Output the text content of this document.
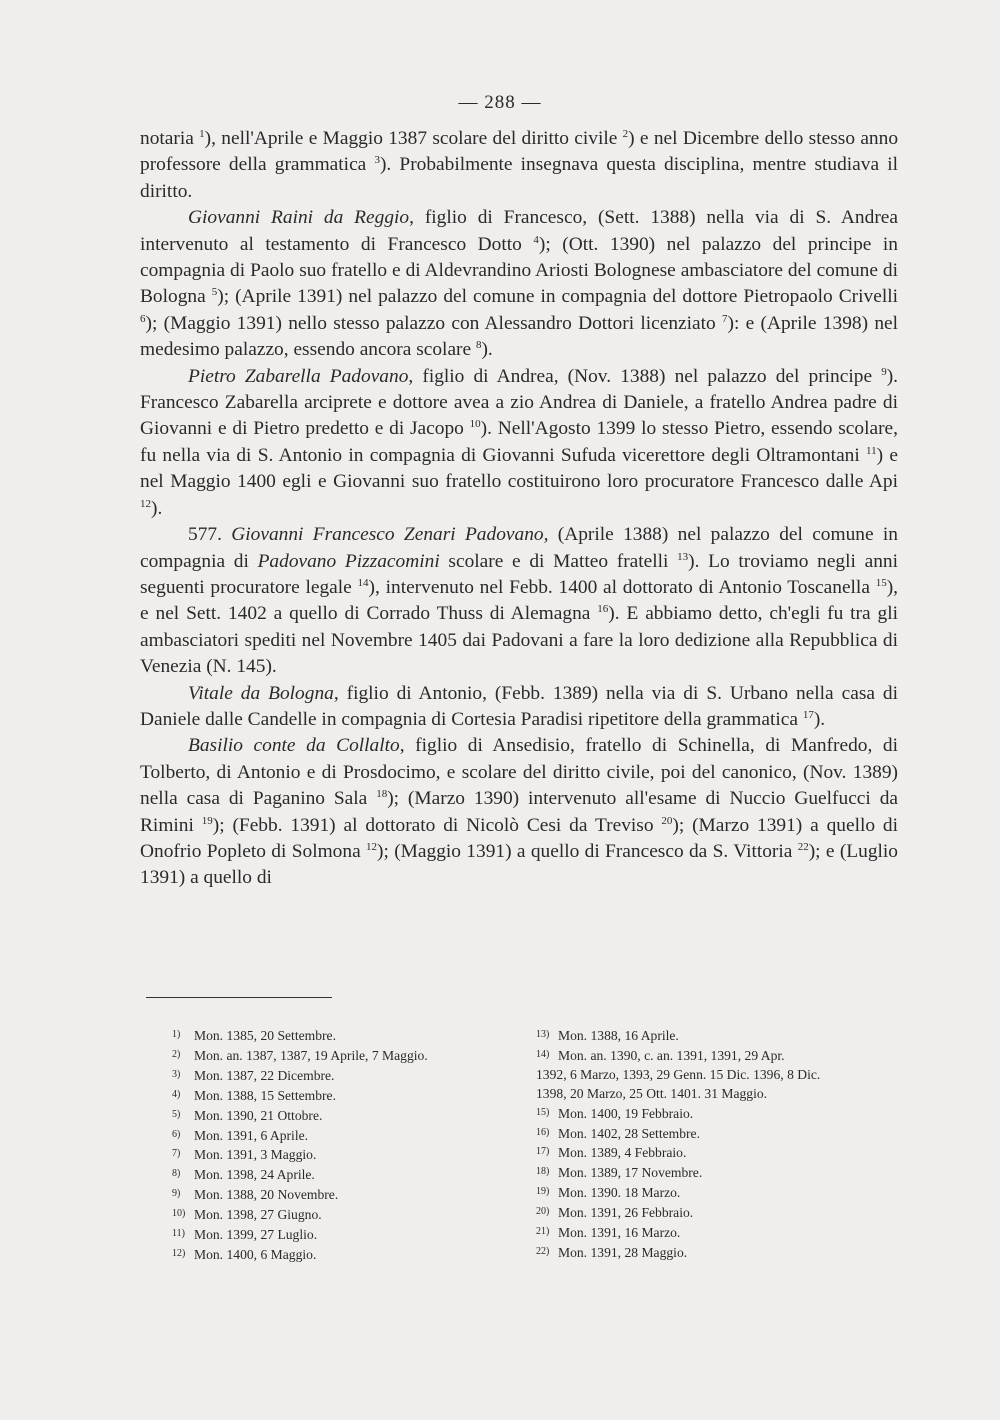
— 288 —

notaria $^1$), nell'Aprile e Maggio 1387 scolare del diritto civile $^2$) e nel Dicembre dello stesso anno professore della grammatica $^3$). Probabilmente insegnava questa disciplina, mentre studiava il diritto.

Giovanni Raini da Reggio, figlio di Francesco, (Sett. 1388) nella via di S. Andrea intervenuto al testamento di Francesco Dotto $^4$); (Ott. 1390) nel palazzo del principe in compagnia di Paolo suo fratello e di Aldevrandino Ariosti Bolognese ambasciatore del comune di Bologna $^5$); (Aprile 1391) nel palazzo del comune in compagnia del dottore Pietropaolo Crivelli $^6$); (Maggio 1391) nello stesso palazzo con Alessandro Dottori licenziato $^7$): e (Aprile 1398) nel medesimo palazzo, essendo ancora scolare $^8$).

Pietro Zabarella Padovano, figlio di Andrea, (Nov. 1388) nel palazzo del principe $^9$). Francesco Zabarella arciprete e dottore avea a zio Andrea di Daniele, a fratello Andrea padre di Giovanni e di Pietro predetto e di Jacopo $^{10}$). Nell'Agosto 1399 lo stesso Pietro, essendo scolare, fu nella via di S. Antonio in compagnia di Giovanni Sufuda vicerettore degli Oltramontani $^{11}$) e nel Maggio 1400 egli e Giovanni suo fratello costituirono loro procuratore Francesco dalle Api $^{12}$).

577. Giovanni Francesco Zenari Padovano, (Aprile 1388) nel palazzo del comune in compagnia di Padovano Pizzacomini scolare e di Matteo fratelli $^{13}$). Lo troviamo negli anni seguenti procuratore legale $^{14}$), intervenuto nel Febb. 1400 al dottorato di Antonio Toscanella $^{15}$), e nel Sett. 1402 a quello di Corrado Thuss di Alemagna $^{16}$). E abbiamo detto, ch'egli fu tra gli ambasciatori spediti nel Novembre 1405 dai Padovani a fare la loro dedizione alla Repubblica di Venezia (N. 145).

Vitale da Bologna, figlio di Antonio, (Febb. 1389) nella via di S. Urbano nella casa di Daniele dalle Candelle in compagnia di Cortesia Paradisi ripetitore della grammatica $^{17}$).

Basilio conte da Collalto, figlio di Ansedisio, fratello di Schinella, di Manfredo, di Tolberto, di Antonio e di Prosdocimo, e scolare del diritto civile, poi del canonico, (Nov. 1389) nella casa di Paganino Sala $^{18}$); (Marzo 1390) intervenuto all'esame di Nuccio Guelfucci da Rimini $^{19}$); (Febb. 1391) al dottorato di Nicolò Cesi da Treviso $^{20}$); (Marzo 1391) a quello di Onofrio Popleto di Solmona $^{12}$); (Maggio 1391) a quello di Francesco da S. Vittoria $^{22}$); e (Luglio 1391) a quello di

1) Mon. 1385, 20 Settembre.
2) Mon. an. 1387, 1387, 19 Aprile, 7 Maggio.
3) Mon. 1387, 22 Dicembre.
4) Mon. 1388, 15 Settembre.
5) Mon. 1390, 21 Ottobre.
6) Mon. 1391, 6 Aprile.
7) Mon. 1391, 3 Maggio.
8) Mon. 1398, 24 Aprile.
9) Mon. 1388, 20 Novembre.
10) Mon. 1398, 27 Giugno.
11) Mon. 1399, 27 Luglio.
12) Mon. 1400, 6 Maggio.
13) Mon. 1388, 16 Aprile.
14) Mon. an. 1390, c. an. 1391, 1391, 29 Apr.
1392, 6 Marzo, 1393, 29 Genn. 15 Dic. 1396, 8 Dic.
1398, 20 Marzo, 25 Ott. 1401. 31 Maggio.
15) Mon. 1400, 19 Febbraio.
16) Mon. 1402, 28 Settembre.
17) Mon. 1389, 4 Febbraio.
18) Mon. 1389, 17 Novembre.
19) Mon. 1390. 18 Marzo.
20) Mon. 1391, 26 Febbraio.
21) Mon. 1391, 16 Marzo.
22) Mon. 1391, 28 Maggio.
